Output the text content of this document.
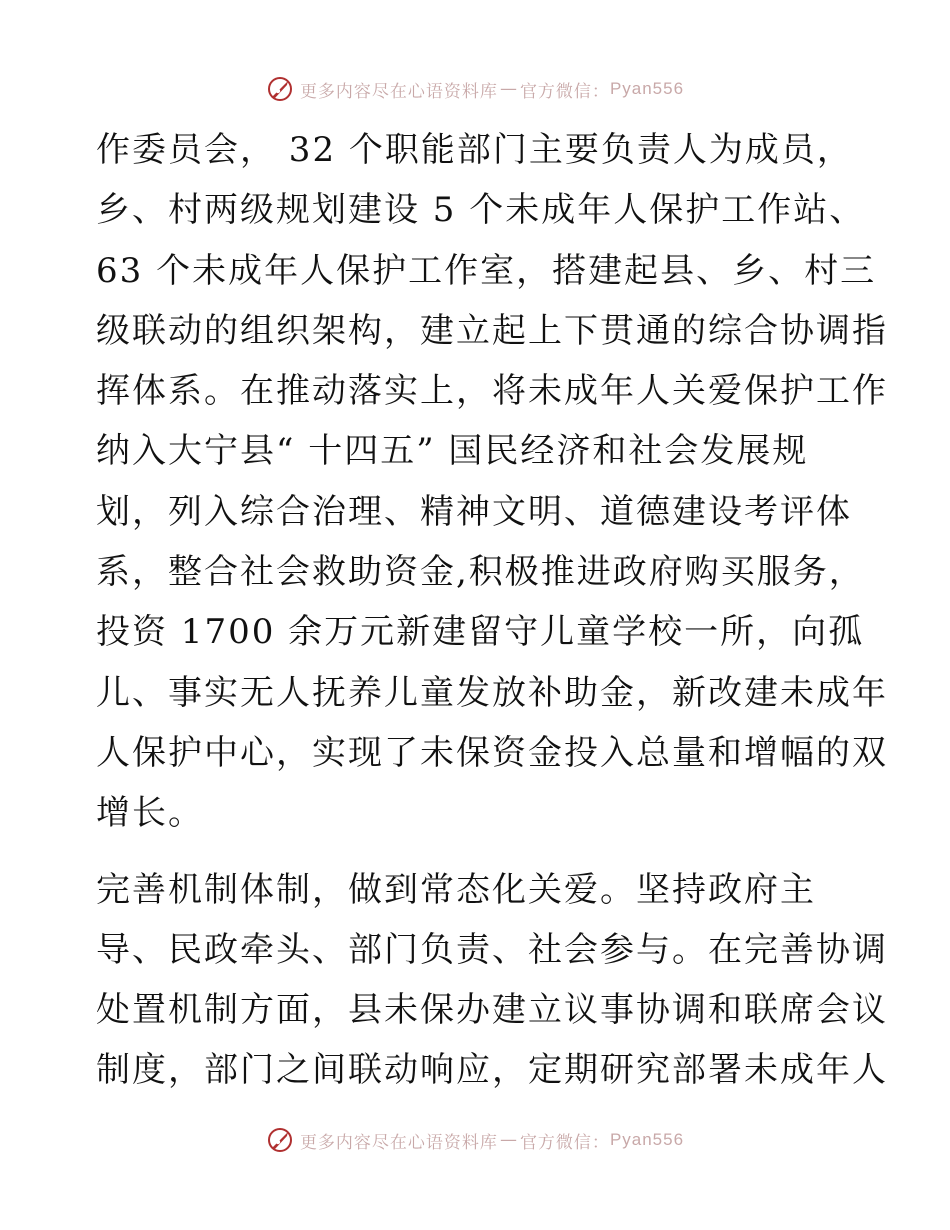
更多内容尽在心语资料库 — 官方微信： Pyan556
作委员会， 32 个职能部门主要负责人为成员，
乡、村两级规划建设 5 个未成年人保护工作站、
63 个未成年人保护工作室，搭建起县、乡、村三
级联动的组织架构，建立起上下贯通的综合协调指
挥体系。在推动落实上，将未成年人关爱保护工作
纳入大宁县“ 十四五” 国民经济和社会发展规
划，列入综合治理、精神文明、道德建设考评体
系，整合社会救助资金,积极推进政府购买服务，
投资 1700 余万元新建留守儿童学校一所，向孤
儿、事实无人抚养儿童发放补助金，新改建未成年
人保护中心，实现了未保资金投入总量和增幅的双
增长。
完善机制体制，做到常态化关爱。坚持政府主
导、民政牵头、部门负责、社会参与。在完善协调
处置机制方面，县未保办建立议事协调和联席会议
制度，部门之间联动响应，定期研究部署未成年人
更多内容尽在心语资料库 — 官方微信： Pyan556
